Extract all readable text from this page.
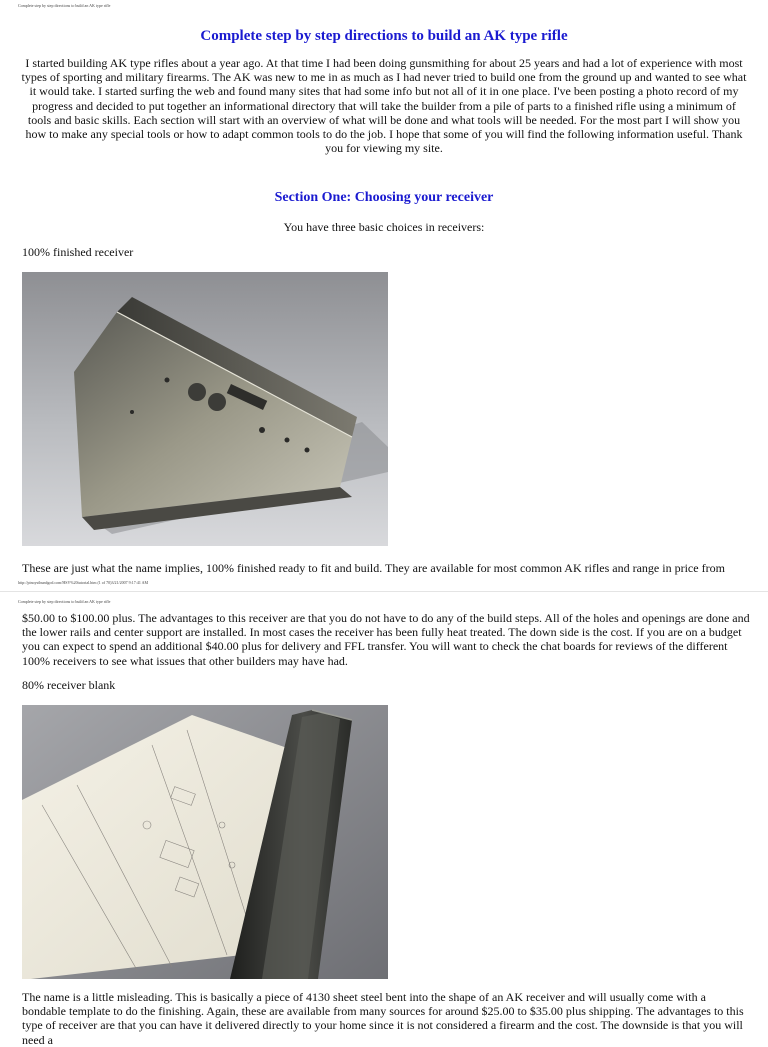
Complete step by step directions to build an AK type rifle
Complete step by step directions to build an AK type rifle
I started building AK type rifles about a year ago. At that time I had been doing gunsmithing for about 25 years and had a lot of experience with most types of sporting and military firearms. The AK was new to me in as much as I had never tried to build one from the ground up and wanted to see what it would take. I started surfing the web and found many sites that had some info but not all of it in one place. I've been posting a photo record of my progress and decided to put together an informational directory that will take the builder from a pile of parts to a finished rifle using a minimum of tools and basic skills. Each section will start with an overview of what will be done and what tools will be needed. For the most part I will show you how to make any special tools or how to adapt common tools to do the job. I hope that some of you will find the following information useful. Thank you for viewing my site.
Section One: Choosing your receiver
You have three basic choices in receivers:
100% finished receiver
These are just what the name implies, 100% finished ready to fit and build. They are available for most common AK rifles and range in price from
http://pinoysthundgod.com/HSV%20tutorial.htm (1 of 70)3/21/2007 9:17:41 AM
Complete step by step directions to build an AK type rifle
$50.00 to $100.00 plus. The advantages to this receiver are that you do not have to do any of the build steps. All of the holes and openings are done and the lower rails and center support are installed. In most cases the receiver has been fully heat treated. The down side is the cost. If you are on a budget you can expect to spend an additional $40.00 plus for delivery and FFL transfer. You will want to check the chat boards for reviews of the different 100% receivers to see what issues that other builders may have had.
80% receiver blank
The name is a little misleading. This is basically a piece of 4130 sheet steel bent into the shape of an AK receiver and will usually come with a bondable template to do the finishing. Again, these are available from many sources for around $25.00 to $35.00 plus shipping. The advantages to this type of receiver are that you can have it delivered directly to your home since it is not considered a firearm and the cost. The downside is that you will need a
